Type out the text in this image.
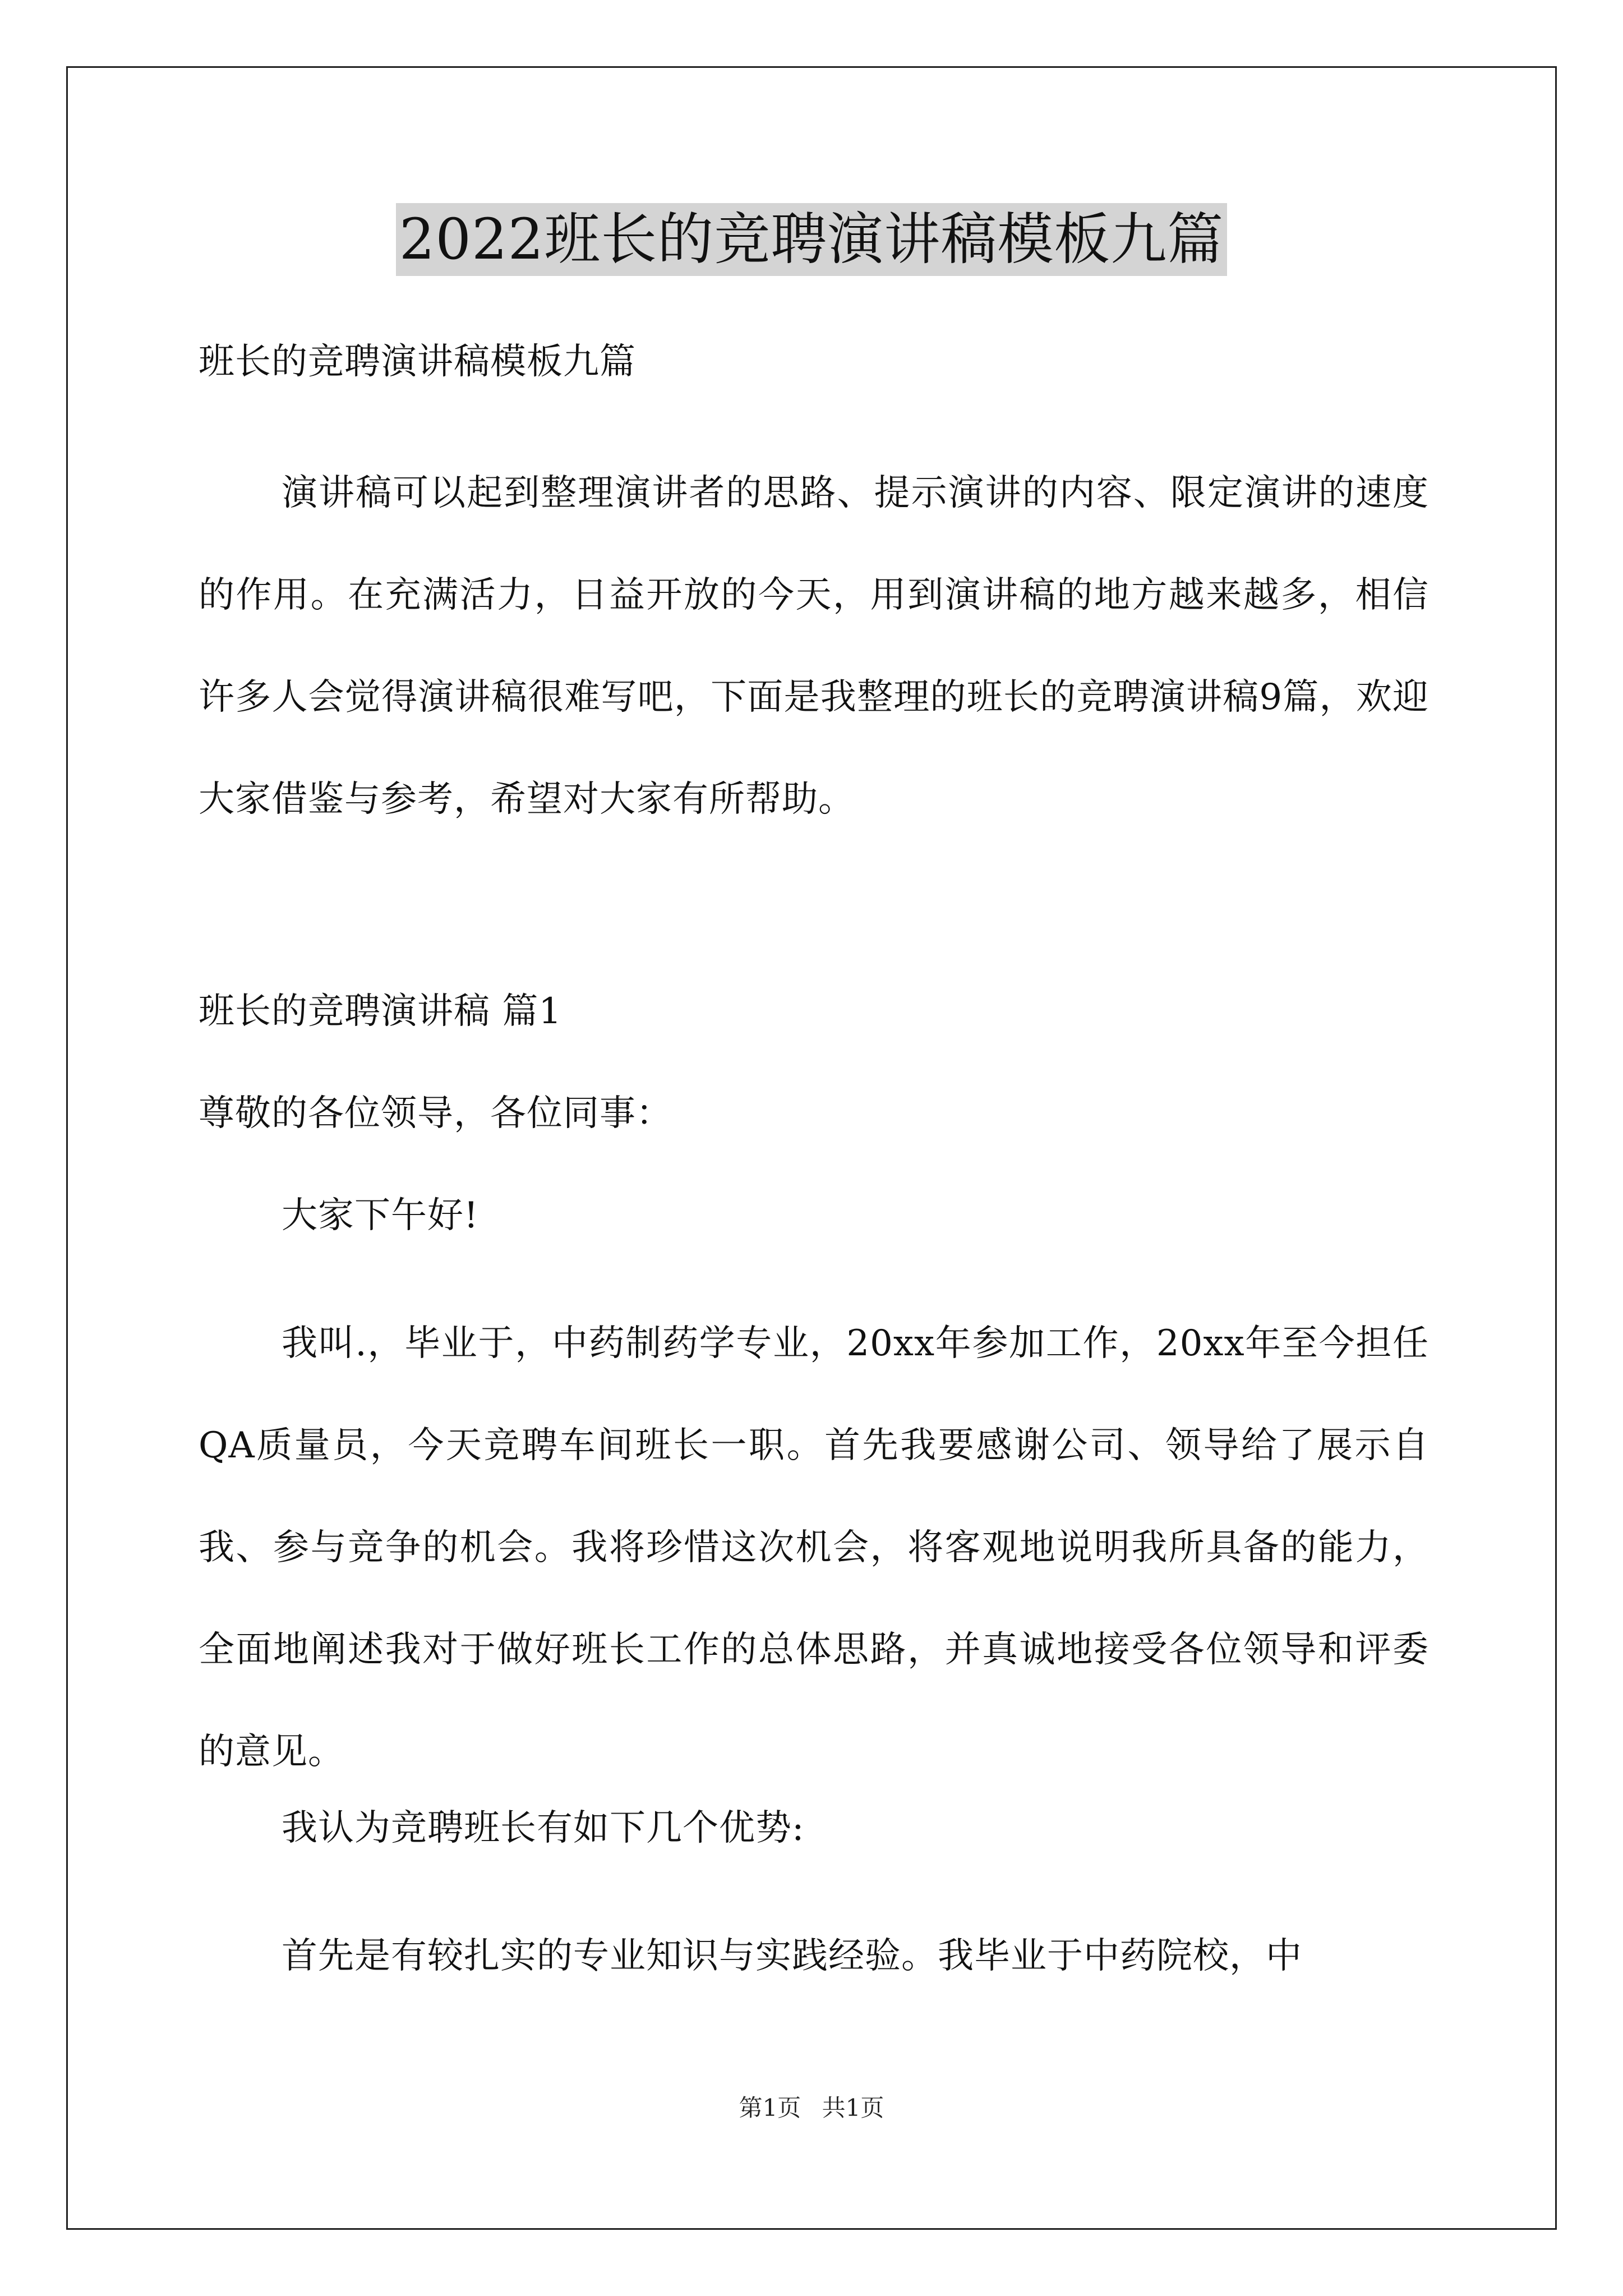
2022班长的竞聘演讲稿模板九篇
班长的竞聘演讲稿模板九篇
演讲稿可以起到整理演讲者的思路、提示演讲的内容、限定演讲的速度的作用。在充满活力，日益开放的今天，用到演讲稿的地方越来越多，相信许多人会觉得演讲稿很难写吧，下面是我整理的班长的竞聘演讲稿9篇，欢迎大家借鉴与参考，希望对大家有所帮助。
班长的竞聘演讲稿 篇1
尊敬的各位领导，各位同事：
大家下午好!
我叫.，毕业于，中药制药学专业，20xx年参加工作，20xx年至今担任QA质量员，今天竞聘车间班长一职。首先我要感谢公司、领导给了展示自我、参与竞争的机会。我将珍惜这次机会，将客观地说明我所具备的能力，全面地阐述我对于做好班长工作的总体思路，并真诚地接受各位领导和评委的意见。
我认为竞聘班长有如下几个优势:
首先是有较扎实的专业知识与实践经验。我毕业于中药院校，中
第1页 共1页
